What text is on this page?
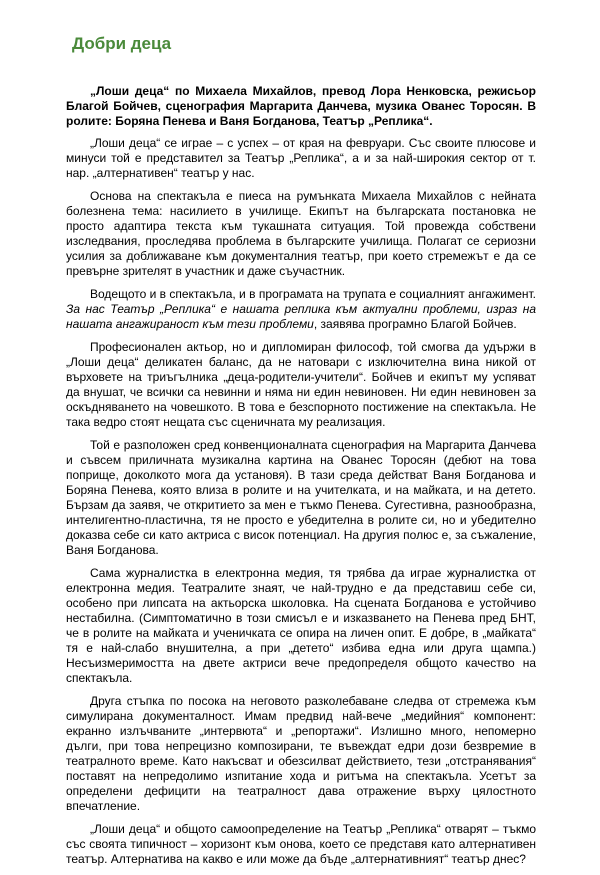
Добри деца

„Лоши деца“ по Михаела Михайлов, превод Лора Ненковска, режисьор Благой Бойчев, сценография Маргарита Данчева, музика Ованес Торосян. В ролите: Боряна Пенева и Ваня Богданова, Театър „Реплика“.

„Лоши деца“ се играе – с успех – от края на февруари. Със своите плюсове и минуси той е представител за Театър „Реплика“, а и за най-широкия сектор от т. нар. „алтернативен“ театър у нас.

Основа на спектакъла е пиеса на румънката Михаела Михайлов с нейната болезнена тема: насилието в училище. Екипът на българската постановка не просто адаптира текста към тукашната ситуация. Той провежда собствени изследвания, проследява проблема в българските училища. Полагат се сериозни усилия за доближаване към документалния театър, при което стремежът е да се превърне зрителят в участник и даже съучастник.

Водещото и в спектакъла, и в програмата на трупата е социалният ангажимент. За нас Театър „Реплика“ е нашата реплика към актуални проблеми, израз на нашата ангажираност към тези проблеми, заявява програмно Благой Бойчев.

Професионален актьор, но и дипломиран философ, той смогва да удържи в „Лоши деца“ деликатен баланс, да не натовари с изключителна вина никой от върховете на триъгълника „деца-родители-учители“. Бойчев и екипът му успяват да внушат, че всички са невинни и няма ни един невиновен. Ни един невиновен за оскъдняването на човешкото. В това е безспорното постижение на спектакъла. Не така ведро стоят нещата със сценичната му реализация.

Той е разположен сред конвенционалната сценография на Маргарита Данчева и съвсем приличната музикална картина на Ованес Торосян (дебют на това поприще, доколкото мога да установя). В тази среда действат Ваня Богданова и Боряна Пенева, която влиза в ролите и на учителката, и на майката, и на детето. Бързам да заявя, че откритието за мен е тъкмо Пенева. Сугестивна, разнообразна, интелигентно-пластична, тя не просто е убедителна в ролите си, но и убедително доказва себе си като актриса с висок потенциал. На другия полюс е, за съжаление, Ваня Богданова.

Сама журналистка в електронна медия, тя трябва да играе журналистка от електронна медия. Театралите знаят, че най-трудно е да представиш себе си, особено при липсата на актьорска школовка. На сцената Богданова е устойчиво нестабилна. (Симптоматично в този смисъл е и изказването на Пенева пред БНТ, че в ролите на майката и ученичката се опира на личен опит. Е добре, в „майката“ тя е най-слабо внушителна, а при „детето“ избива една или друга щампа.) Несъизмеримостта на двете актриси вече предопределя общото качество на спектакъла.

Друга стъпка по посока на неговото разколебаване следва от стремежа към симулирана документалност. Имам предвид най-вече „медийния“ компонент: екранно излъчваните „интервюта“ и „репортажи“. Излишно много, непомерно дълги, при това непрецизно композирани, те въвеждат едри дози безвремие в театралното време. Като накъсват и обезсилват действието, тези „отстранявания“ поставят на непредолимо изпитание хода и ритъма на спектакъла. Усетът за определени дефицити на театралност дава отражение върху цялостното впечатление.

„Лоши деца“ и общото самоопределение на Театър „Реплика“ отварят – тъкмо със своята типичност – хоризонт към онова, което се представя като алтернативен театър. Алтернатива на какво е или може да бъде „алтернативният“ театър днес?
